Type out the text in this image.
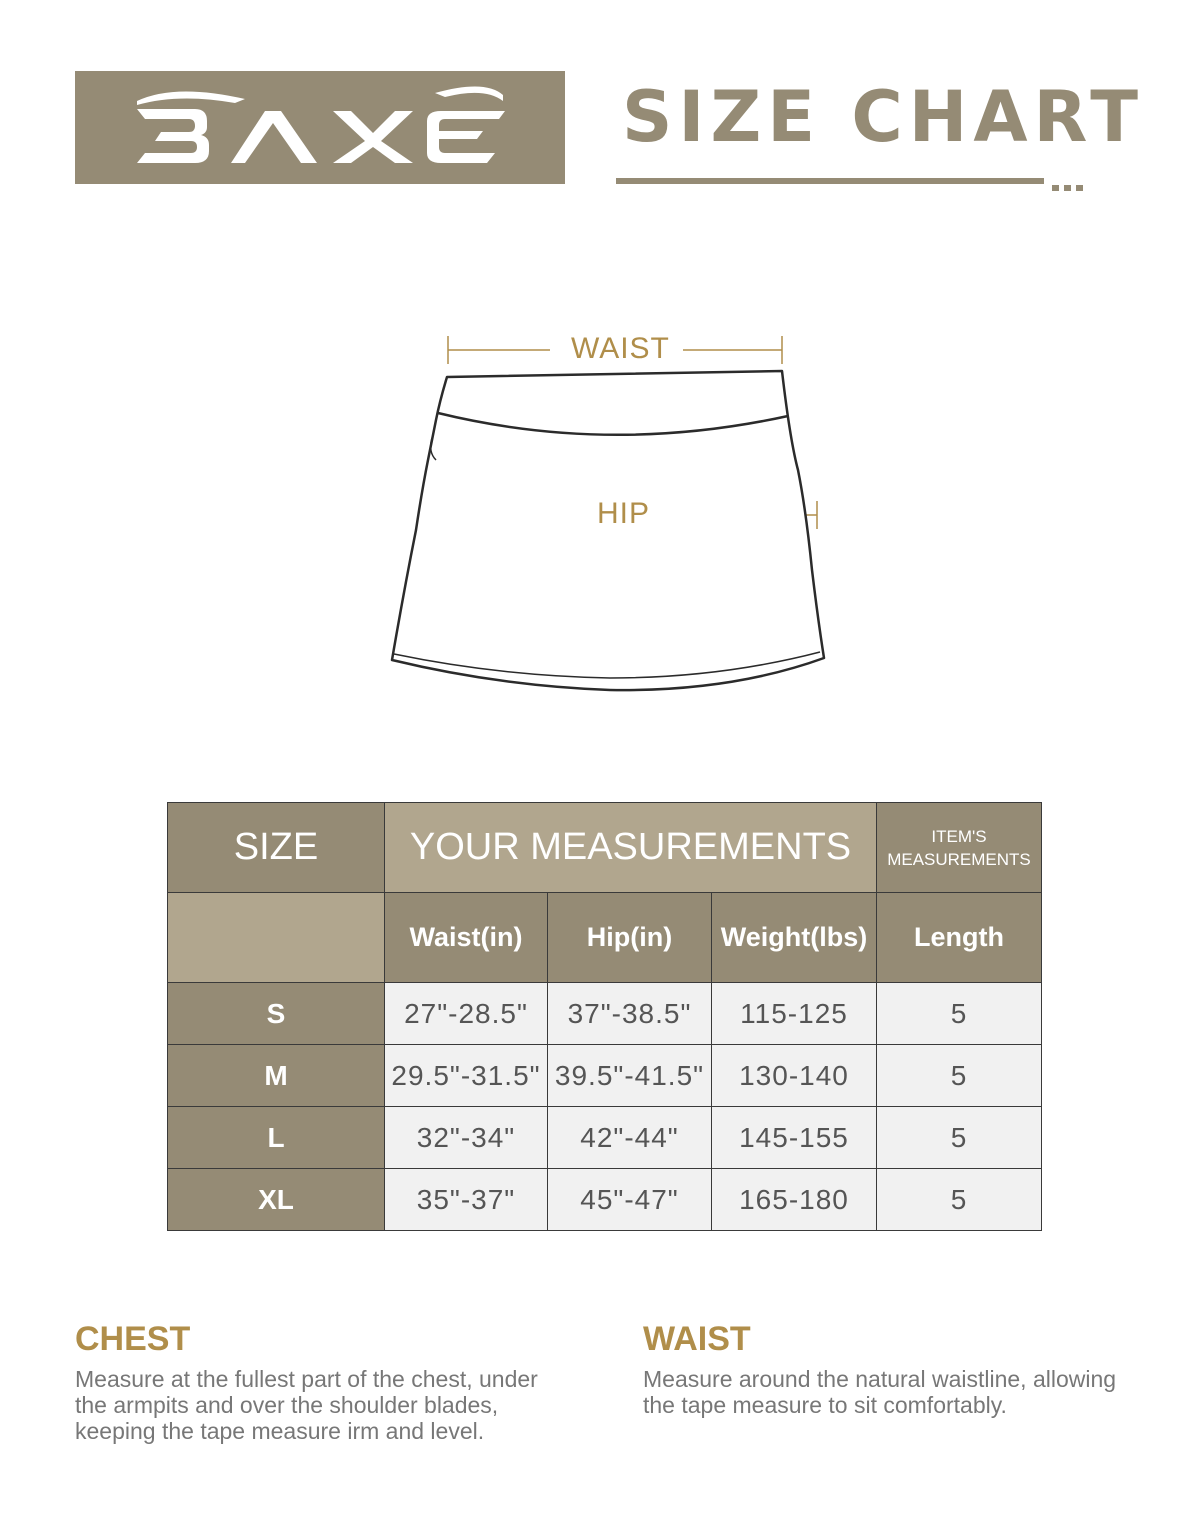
SIZE CHART
WAIST
HIP
SIZE	YOUR MEASUREMENTS			ITEM'S
MEASUREMENTS

	Waist(in)	Hip(in)	Weight(lbs)	Length
S	27"-28.5"	37"-38.5"	115-125	5
M	29.5"-31.5"	39.5"-41.5"	130-140	5
L	32"-34"	42"-44"	145-155	5
XL	35"-37"	45"-47"	165-180	5
CHEST
Measure at the fullest part of the chest, under
the armpits and over the shoulder blades,
keeping the tape measure irm and level.
WAIST
Measure around the natural waistline, allowing
the tape measure to sit comfortably.
